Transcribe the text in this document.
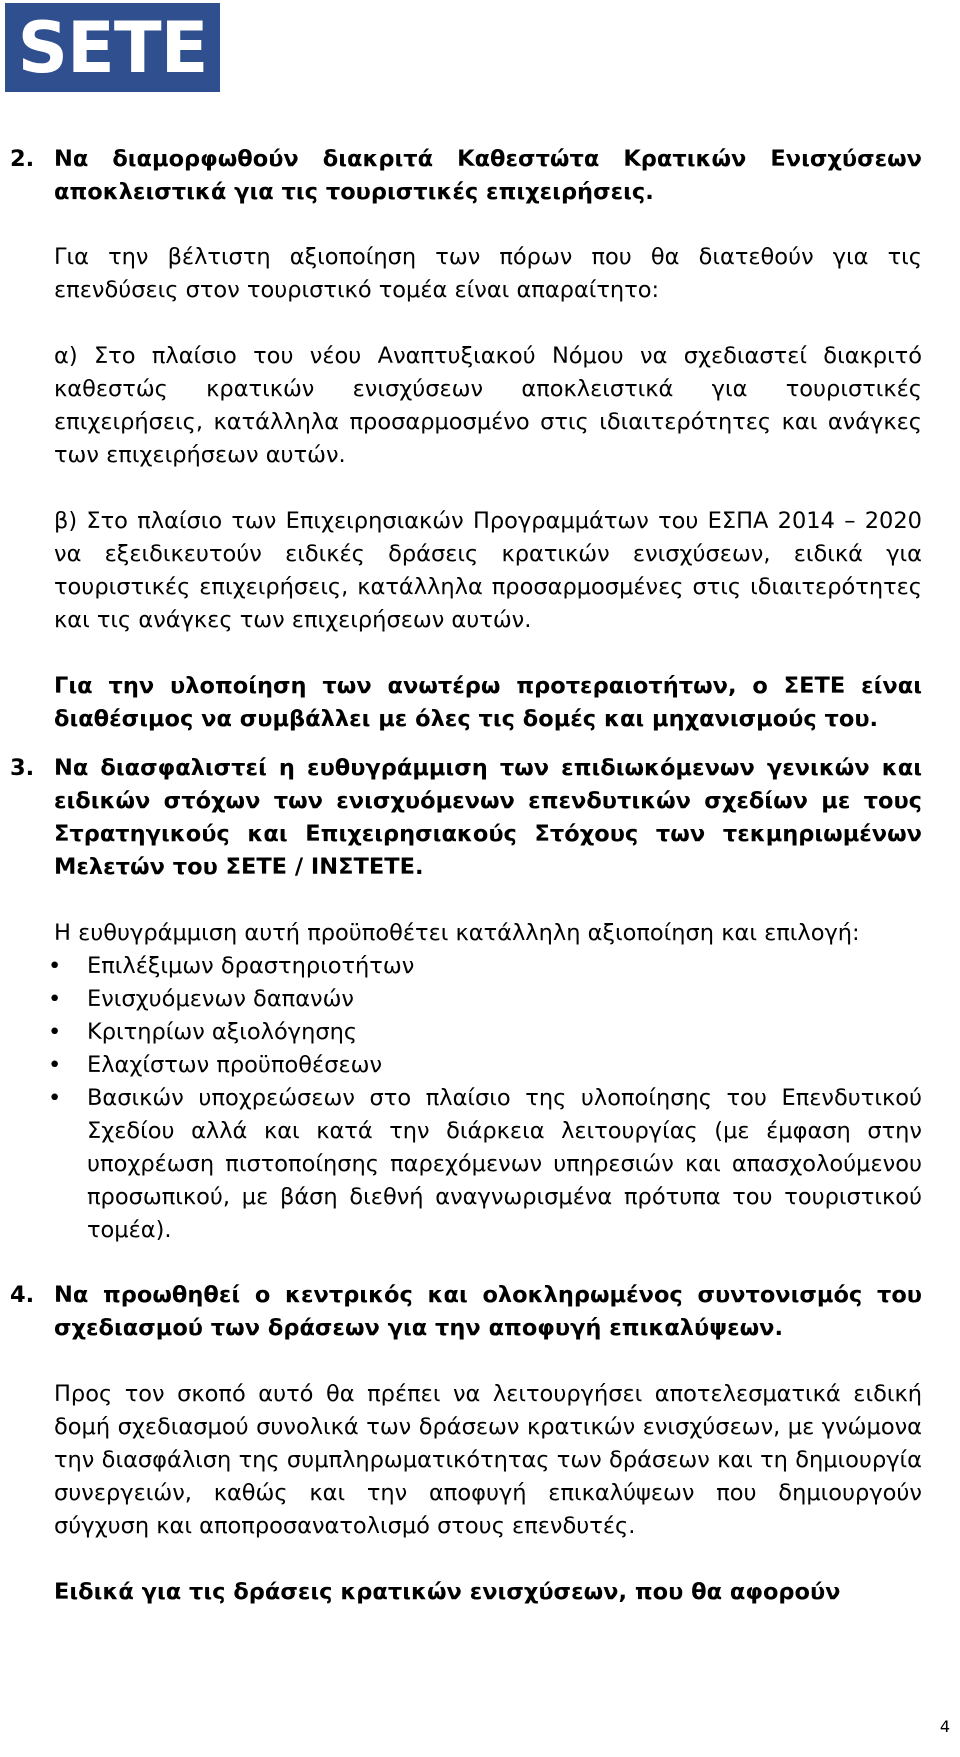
SETE

2. Να διαμορφωθούν διακριτά Καθεστώτα Κρατικών Ενισχύσεων αποκλειστικά για τις τουριστικές επιχειρήσεις.

Για την βέλτιστη αξιοποίηση των πόρων που θα διατεθούν για τις επενδύσεις στον τουριστικό τομέα είναι απαραίτητο:

α) Στο πλαίσιο του νέου Αναπτυξιακού Νόμου να σχεδιαστεί διακριτό καθεστώς κρατικών ενισχύσεων αποκλειστικά για τουριστικές επιχειρήσεις, κατάλληλα προσαρμοσμένο στις ιδιαιτερότητες και ανάγκες των επιχειρήσεων αυτών.

β) Στο πλαίσιο των Επιχειρησιακών Προγραμμάτων του ΕΣΠΑ 2014 – 2020 να εξειδικευτούν ειδικές δράσεις κρατικών ενισχύσεων, ειδικά για τουριστικές επιχειρήσεις, κατάλληλα προσαρμοσμένες στις ιδιαιτερότητες και τις ανάγκες των επιχειρήσεων αυτών.

Για την υλοποίηση των ανωτέρω προτεραιοτήτων, ο ΣΕΤΕ είναι διαθέσιμος να συμβάλλει με όλες τις δομές και μηχανισμούς του.

3. Να διασφαλιστεί η ευθυγράμμιση των επιδιωκόμενων γενικών και ειδικών στόχων των ενισχυόμενων επενδυτικών σχεδίων με τους Στρατηγικούς και Επιχειρησιακούς Στόχους των τεκμηριωμένων Μελετών του ΣΕΤΕ / ΙΝΣΤΕΤΕ.

Η ευθυγράμμιση αυτή προϋποθέτει κατάλληλη αξιοποίηση και επιλογή:

• Επιλέξιμων δραστηριοτήτων
• Ενισχυόμενων δαπανών
• Κριτηρίων αξιολόγησης
• Ελαχίστων προϋποθέσεων
• Βασικών υποχρεώσεων στο πλαίσιο της υλοποίησης του Επενδυτικού Σχεδίου αλλά και κατά την διάρκεια λειτουργίας (με έμφαση στην υποχρέωση πιστοποίησης παρεχόμενων υπηρεσιών και απασχολούμενου προσωπικού, με βάση διεθνή αναγνωρισμένα πρότυπα του τουριστικού τομέα).

4. Να προωθηθεί ο κεντρικός και ολοκληρωμένος συντονισμός του σχεδιασμού των δράσεων για την αποφυγή επικαλύψεων.

Προς τον σκοπό αυτό θα πρέπει να λειτουργήσει αποτελεσματικά ειδική δομή σχεδιασμού συνολικά των δράσεων κρατικών ενισχύσεων, με γνώμονα την διασφάλιση της συμπληρωματικότητας των δράσεων και τη δημιουργία συνεργειών, καθώς και την αποφυγή επικαλύψεων που δημιουργούν σύγχυση και αποπροσανατολισμό στους επενδυτές.

Ειδικά για τις δράσεις κρατικών ενισχύσεων, που θα αφορούν

4
